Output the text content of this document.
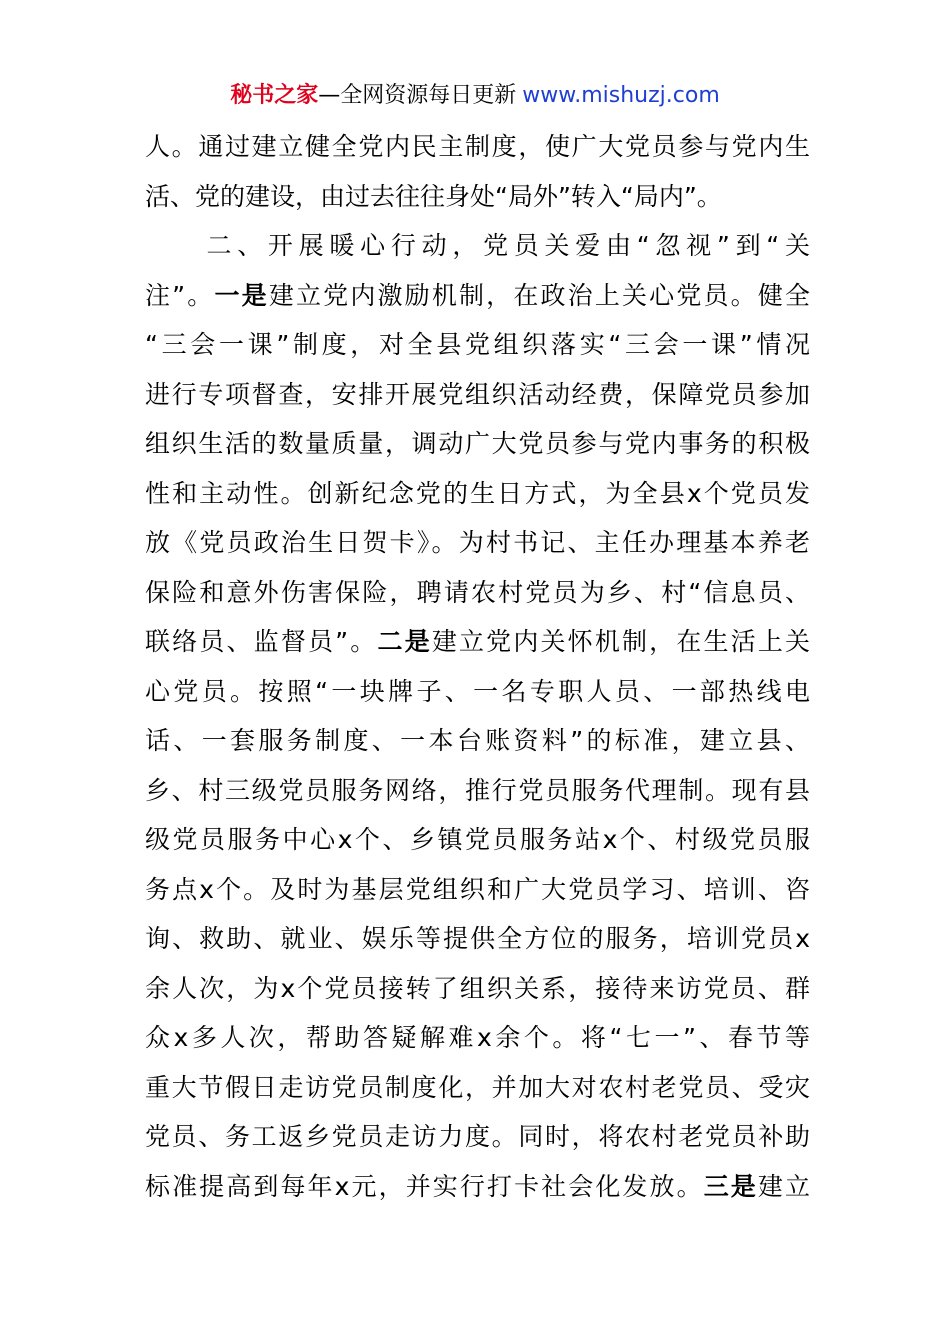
秘书之家—全网资源每日更新 www.mishuzj.com
人。通过建立健全党内民主制度，使广大党员参与党内生
活、党的建设，由过去往往身处“局外”转入“局内”。
　　二、开展暖心行动，党员关爱由“忽视”到“关
注”。一是建立党内激励机制，在政治上关心党员。健全
“三会一课”制度，对全县党组织落实“三会一课”情况
进行专项督查，安排开展党组织活动经费，保障党员参加
组织生活的数量质量，调动广大党员参与党内事务的积极
性和主动性。创新纪念党的生日方式，为全县x个党员发
放《党员政治生日贺卡》。为村书记、主任办理基本养老
保险和意外伤害保险，聘请农村党员为乡、村“信息员、
联络员、监督员”。二是建立党内关怀机制，在生活上关
心党员。按照“一块牌子、一名专职人员、一部热线电
话、一套服务制度、一本台账资料”的标准，建立县、
乡、村三级党员服务网络，推行党员服务代理制。现有县
级党员服务中心x个、乡镇党员服务站x个、村级党员服
务点x个。及时为基层党组织和广大党员学习、培训、咨
询、救助、就业、娱乐等提供全方位的服务，培训党员x
余人次，为x个党员接转了组织关系，接待来访党员、群
众x多人次，帮助答疑解难x余个。将“七一”、春节等
重大节假日走访党员制度化，并加大对农村老党员、受灾
党员、务工返乡党员走访力度。同时，将农村老党员补助
标准提高到每年x元，并实行打卡社会化发放。三是建立
